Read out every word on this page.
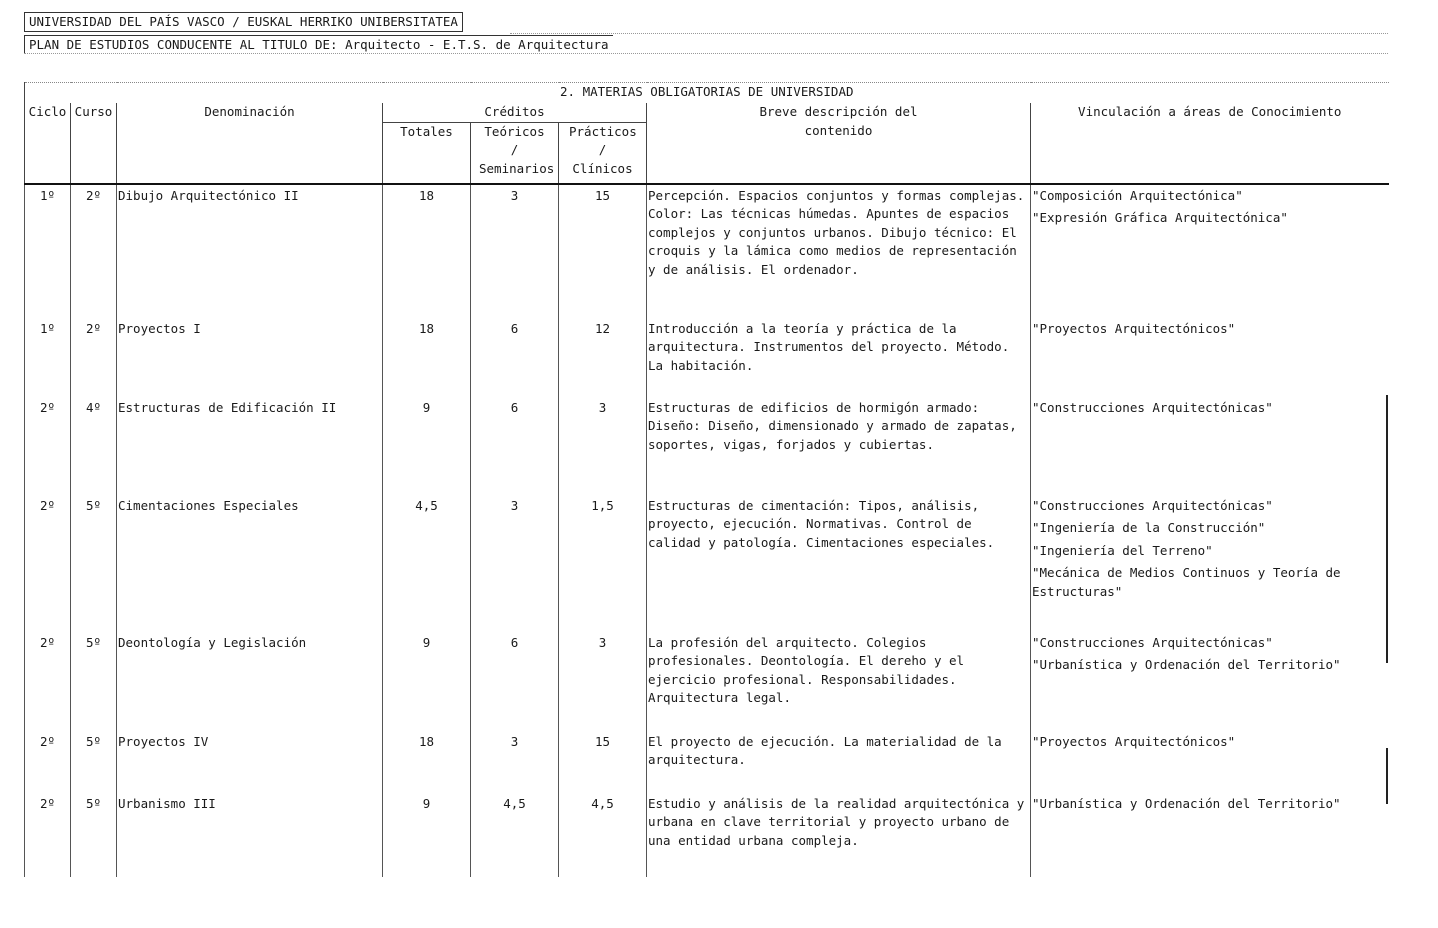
UNIVERSIDAD DEL PAÍS VASCO / EUSKAL HERRIKO UNIBERSITATEA
PLAN DE ESTUDIOS CONDUCENTE AL TITULO DE: Arquitecto - E.T.S. de Arquitectura
2. MATERIAS OBLIGATORIAS DE UNIVERSIDAD							
Ciclo	Curso	Denominación	Créditos			Breve descripción del contenido	Vinculación a áreas de Conocimiento
			Totales	Teóricos / Seminarios	Prácticos / Clínicos		
1º	2º	Dibujo Arquitectónico II	18	3	15	Percepción. Espacios conjuntos y formas complejas. Color: Las técnicas húmedas. Apuntes de espacios complejos y conjuntos urbanos. Dibujo técnico: El croquis y la lámica como medios de representación y de análisis. El ordenador.	"Composición Arquitectónica"
"Expresión Gráfica Arquitectónica"

1º	2º	Proyectos I	18	6	12	Introducción a la teoría y práctica de la arquitectura. Instrumentos del proyecto. Método. La habitación.	"Proyectos Arquitectónicos"

2º	4º	Estructuras de Edificación II	9	6	3	Estructuras de edificios de hormigón armado: Diseño: Diseño, dimensionado y armado de zapatas, soportes, vigas, forjados y cubiertas.	"Construcciones Arquitectónicas"

2º	5º	Cimentaciones Especiales	4,5	3	1,5	Estructuras de cimentación: Tipos, análisis, proyecto, ejecución. Normativas. Control de calidad y patología. Cimentaciones especiales.	"Construcciones Arquitectónicas"
"Ingeniería de la Construcción"
"Ingeniería del Terreno"
"Mecánica de Medios Continuos y Teoría de Estructuras"

2º	5º	Deontología y Legislación	9	6	3	La profesión del arquitecto. Colegios profesionales. Deontología. El dereho y el ejercicio profesional. Responsabilidades. Arquitectura legal.	"Construcciones Arquitectónicas"
"Urbanística y Ordenación del Territorio"

2º	5º	Proyectos IV	18	3	15	El proyecto de ejecución. La materialidad de la arquitectura.	"Proyectos Arquitectónicos"

2º	5º	Urbanismo III	9	4,5	4,5	Estudio y análisis de la realidad arquitectónica y urbana en clave territorial y proyecto urbano de una entidad urbana compleja.	"Urbanística y Ordenación del Territorio"
